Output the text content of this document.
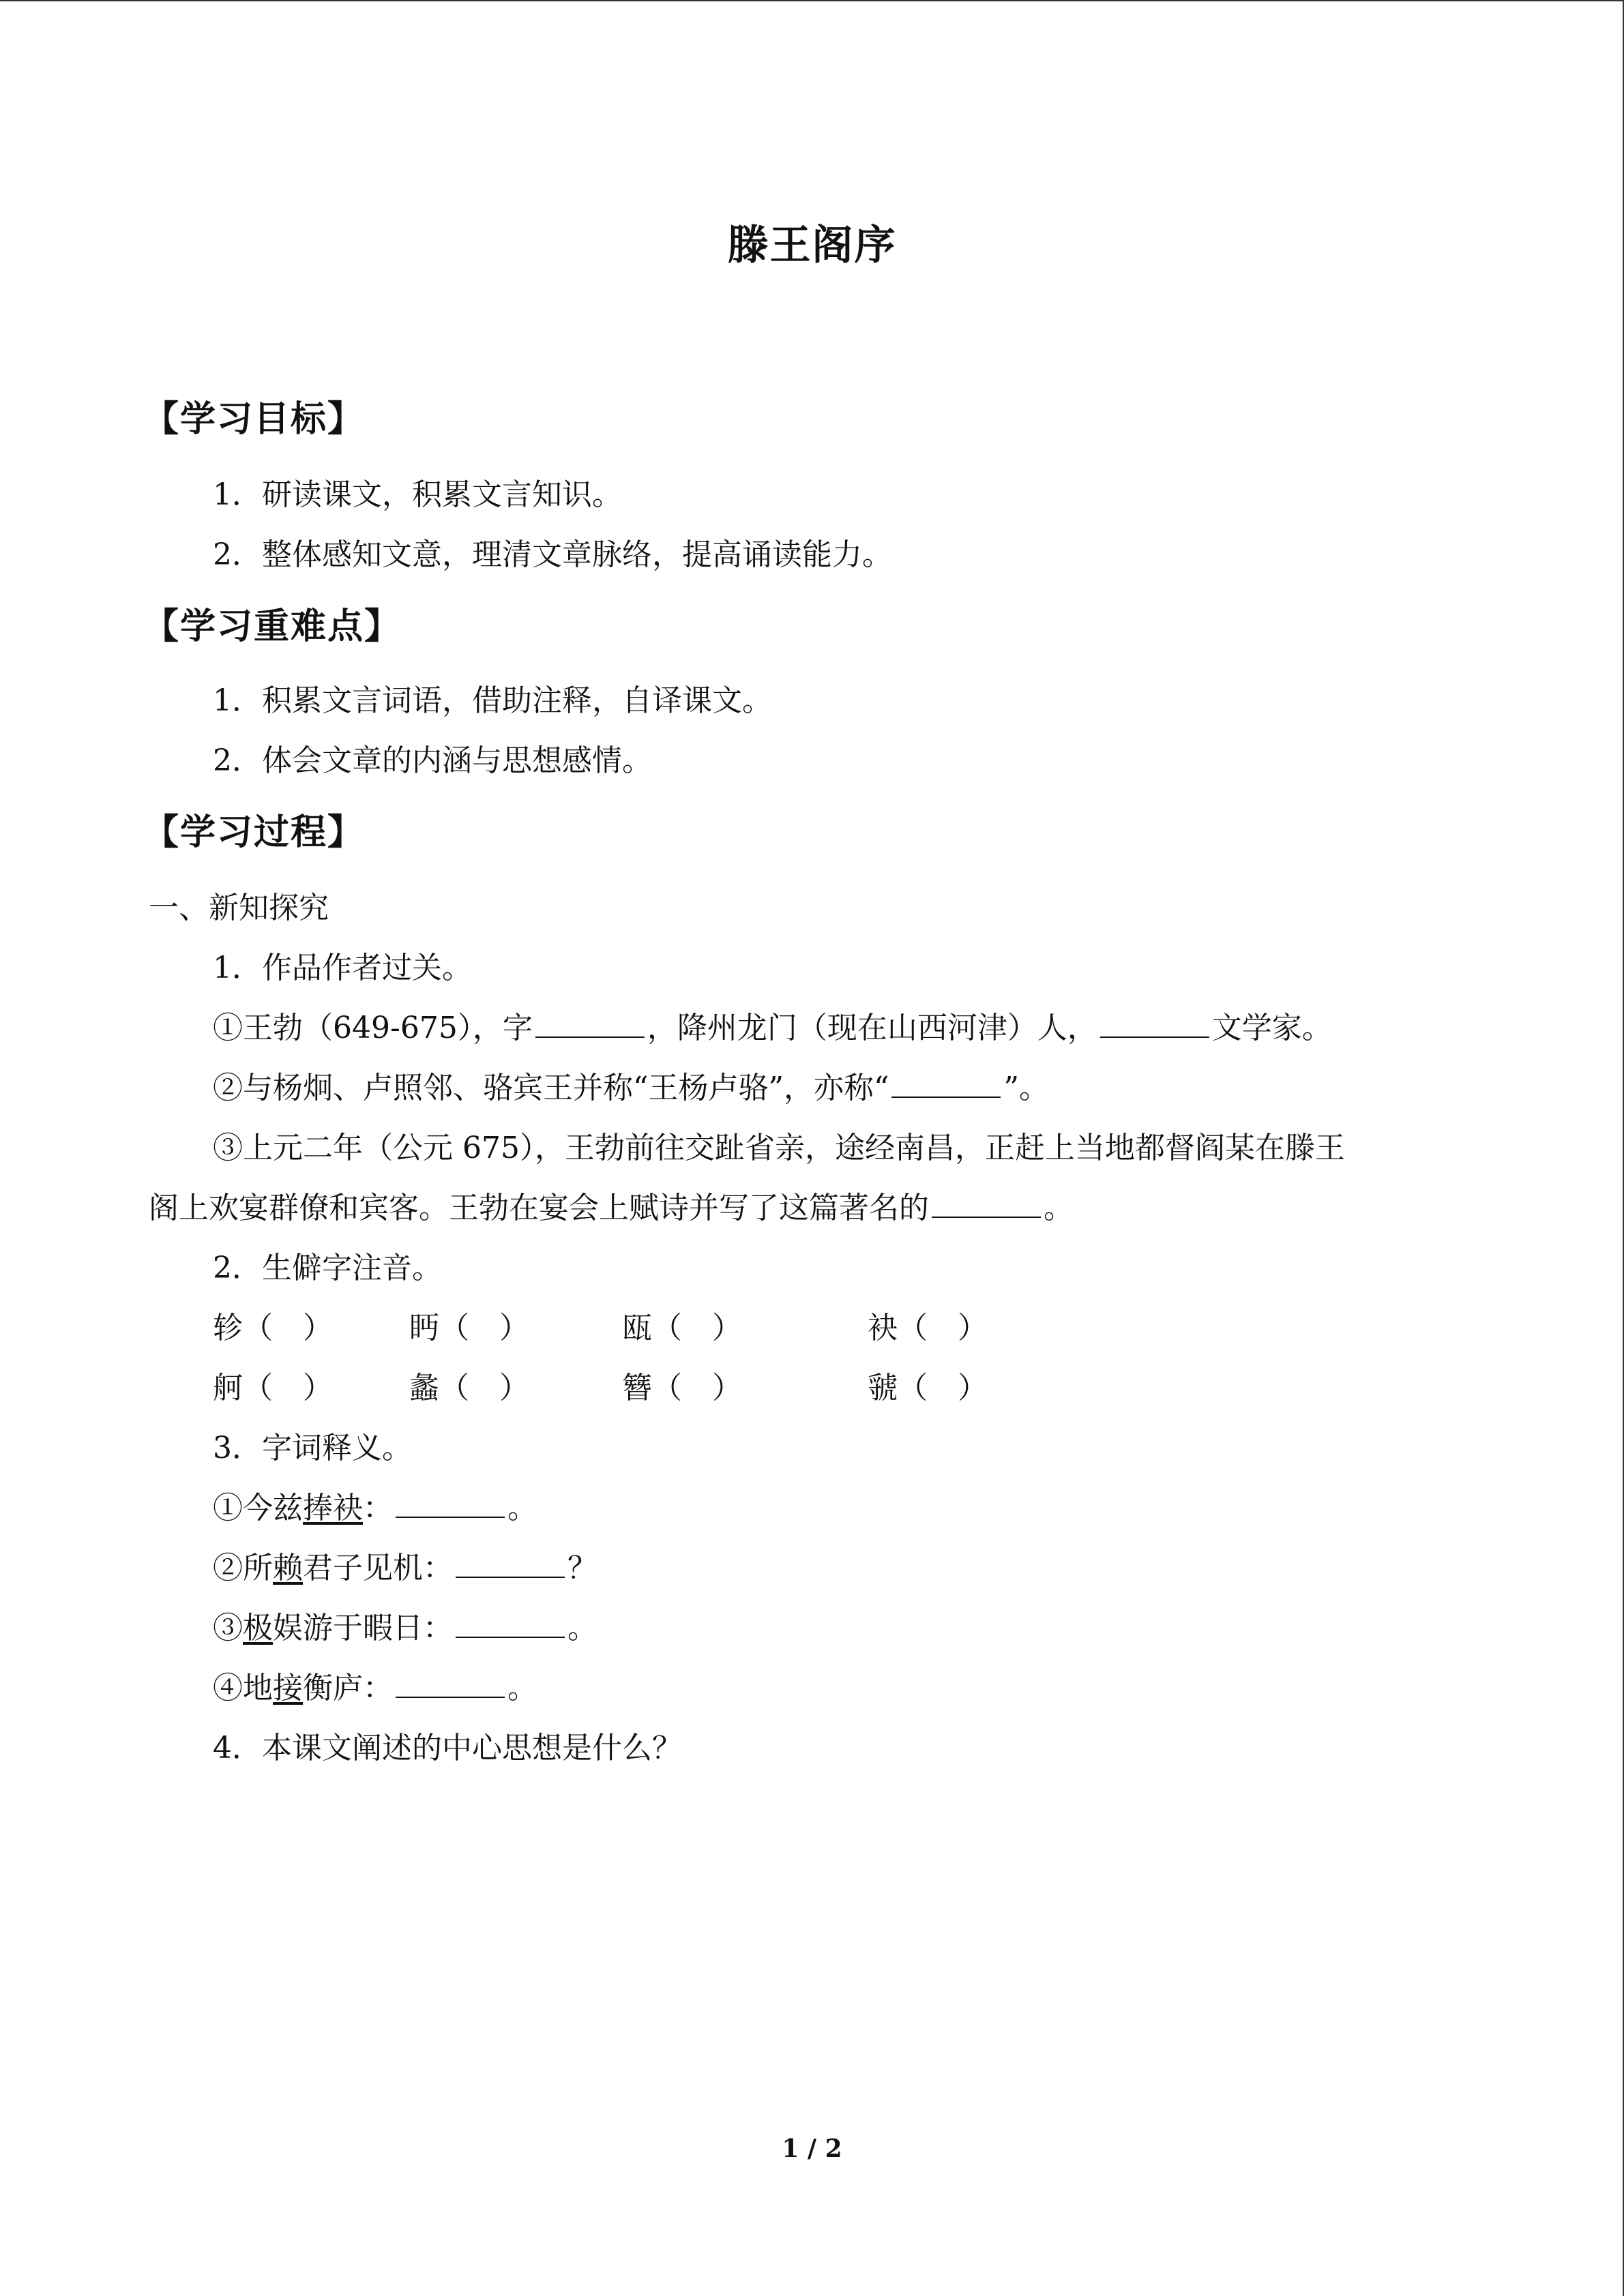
滕王阁序
【学习目标】
1．研读课文，积累文言知识。
2．整体感知文意，理清文章脉络，提高诵读能力。
【学习重难点】
1．积累文言词语，借助注释，自译课文。
2．体会文章的内涵与思想感情。
【学习过程】
一、新知探究
1．作品作者过关。
①王勃（649-675），字	，降州龙门（现在山西河津）人，	文学家。
②与杨炯、卢照邻、骆宾王并称“王杨卢骆”，亦称“	”。
③上元二年（公元 675），王勃前往交趾省亲，途经南昌，正赶上当地都督阎某在滕王
阁上欢宴群僚和宾客。王勃在宴会上赋诗并写了这篇著名的	。
2．生僻字注音。
轸（　）	眄（　）	瓯（　）	袂（　）
舸（　）	蠡（　）	簪（　）	虢（　）
3．字词释义。
①今兹捧袂：	。
②所赖君子见机：	？
③极娱游于暇日：	。
④地接衡庐：	。
4．本课文阐述的中心思想是什么？
1 / 2
